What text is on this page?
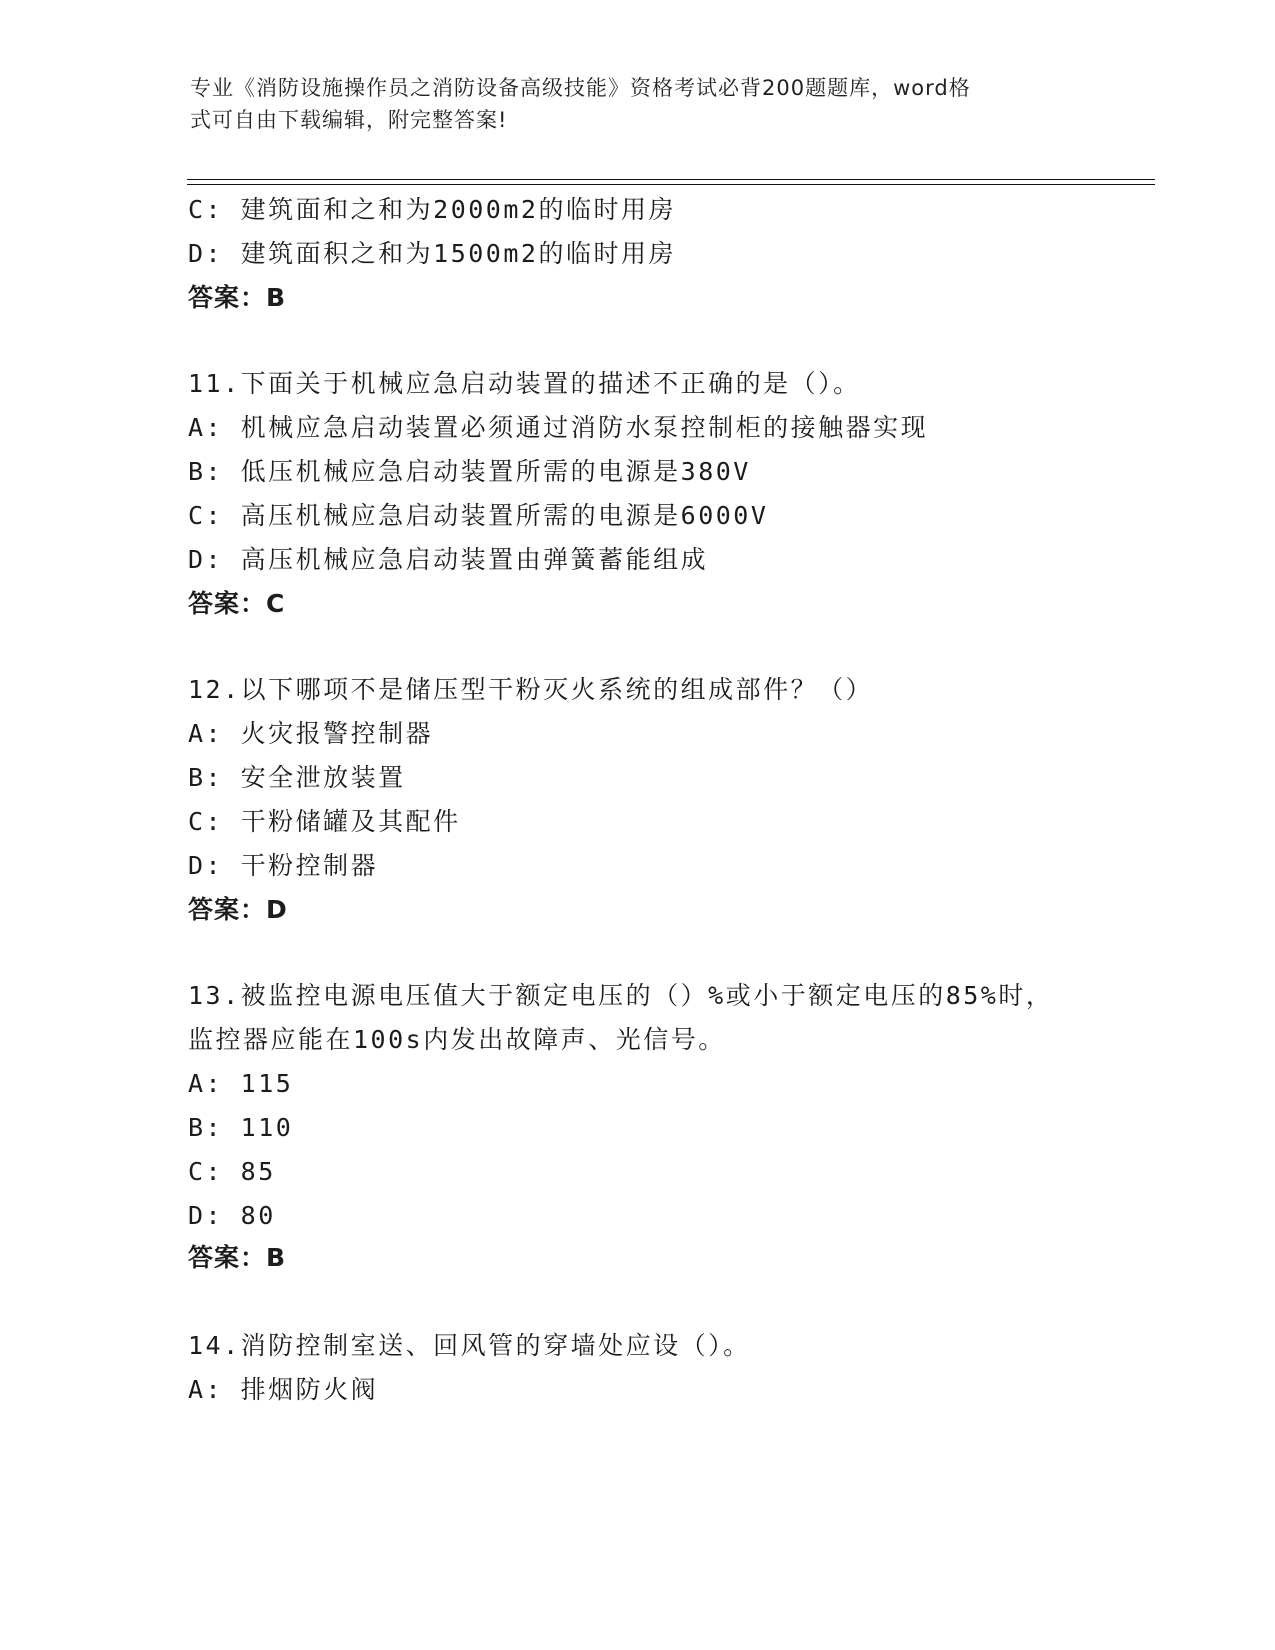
专业《消防设施操作员之消防设备高级技能》资格考试必背200题题库，word格
式可自由下载编辑，附完整答案!
C: 建筑面和之和为2000m2的临时用房
D: 建筑面积之和为1500m2的临时用房
答案：B
11.下面关于机械应急启动装置的描述不正确的是（）。
A: 机械应急启动装置必须通过消防水泵控制柜的接触器实现
B: 低压机械应急启动装置所需的电源是380V
C: 高压机械应急启动装置所需的电源是6000V
D: 高压机械应急启动装置由弹簧蓄能组成
答案：C
12.以下哪项不是储压型干粉灭火系统的组成部件？（）
A: 火灾报警控制器
B: 安全泄放装置
C: 干粉储罐及其配件
D: 干粉控制器
答案：D
13.被监控电源电压值大于额定电压的（）%或小于额定电压的85%时，
监控器应能在100s内发出故障声、光信号。
A: 115
B: 110
C: 85
D: 80
答案：B
14.消防控制室送、回风管的穿墙处应设（）。
A: 排烟防火阀
